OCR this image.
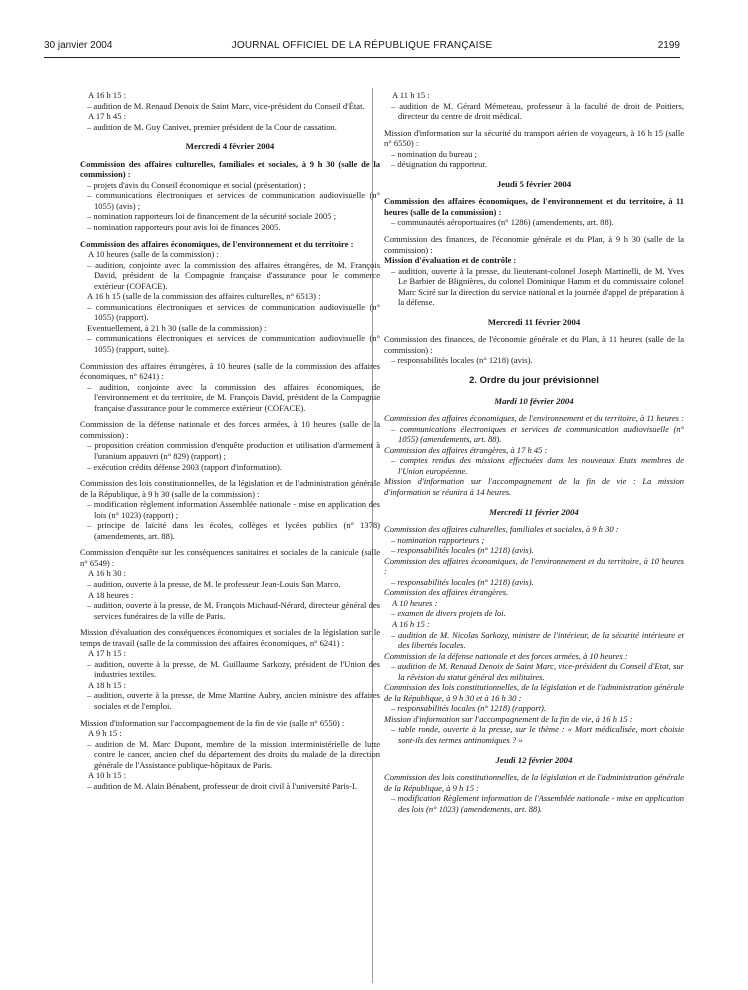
30 janvier 2004	JOURNAL OFFICIEL DE LA RÉPUBLIQUE FRANÇAISE	2199
A 16 h 15 :
– audition de M. Renaud Denoix de Saint Marc, vice-président du Conseil d'État.
A 17 h 45 :
– audition de M. Guy Canivet, premier président de la Cour de cassation.
Mercredi 4 février 2004
Commission des affaires culturelles, familiales et sociales, à 9 h 30 (salle de la commission) :
– projets d'avis du Conseil économique et social (présentation) ;
– communications électroniques et services de communication audiovisuelle (n° 1055) (avis) ;
– nomination rapporteurs loi de financement de la sécurité sociale 2005 ;
– nomination rapporteurs pour avis loi de finances 2005.
Commission des affaires économiques, de l'environnement et du territoire :
A 10 heures (salle de la commission) :
– audition, conjointe avec la commission des affaires étrangères, de M. François David, président de la Compagnie française d'assurance pour le commerce extérieur (COFACE).
A 16 h 15 (salle de la commission des affaires culturelles, n° 6513) :
– communications électroniques et services de communication audiovisuelle (n° 1055) (rapport).
Eventuellement, à 21 h 30 (salle de la commission) :
– communications électroniques et services de communication audiovisuelle (n° 1055) (rapport, suite).
Commission des affaires étrangères, à 10 heures (salle de la commission des affaires économiques, n° 6241) :
– audition, conjointe avec la commission des affaires économiques, de l'environnement et du territoire, de M. François David, président de la Compagnie française d'assurance pour le commerce extérieur (COFACE).
Commission de la défense nationale et des forces armées, à 10 heures (salle de la commission) :
– proposition création commission d'enquête production et utilisation d'armement à l'uranium appauvri (n° 829) (rapport) ;
– exécution crédits défense 2003 (rapport d'information).
Commission des lois constitutionnelles, de la législation et de l'administration générale de la République, à 9 h 30 (salle de la commission) :
– modification règlement information Assemblée nationale - mise en application des lois (n° 1023) (rapport) ;
– principe de laïcité dans les écoles, collèges et lycées publics (n° 1378) (amendements, art. 88).
Commission d'enquête sur les conséquences sanitaires et sociales de la canicule (salle n° 6549) :
A 16 h 30 :
– audition, ouverte à la presse, de M. le professeur Jean-Louis San Marco.
A 18 heures :
– audition, ouverte à la presse, de M. François Michaud-Nérard, directeur général des services funéraires de la ville de Paris.
Mission d'évaluation des conséquences économiques et sociales de la législation sur le temps de travail (salle de la commission des affaires économiques, n° 6241) :
A 17 h 15 :
– audition, ouverte à la presse, de M. Guillaume Sarkozy, président de l'Union des industries textiles.
A 18 h 15 :
– audition, ouverte à la presse, de Mme Martine Aubry, ancien ministre des affaires sociales et de l'emploi.
Mission d'information sur l'accompagnement de la fin de vie (salle n° 6550) :
A 9 h 15 :
– audition de M. Marc Dupont, membre de la mission interministérielle de lutte contre le cancer, ancien chef du département des droits du malade de la direction générale de l'Assistance publique-hôpitaux de Paris.
A 10 h 15 :
– audition de M. Alain Bénabent, professeur de droit civil à l'université Paris-I.
A 11 h 15 :
– audition de M. Gérard Mémeteau, professeur à la faculté de droit de Poitiers, directeur du centre de droit médical.
Mission d'information sur la sécurité du transport aérien de voyageurs, à 16 h 15 (salle n° 6550) :
– nomination du bureau ;
– désignation du rapporteur.
Jeudi 5 février 2004
Commission des affaires économiques, de l'environnement et du territoire, à 11 heures (salle de la commission) :
– communautés aéroportuaires (n° 1286) (amendements, art. 88).
Commission des finances, de l'économie générale et du Plan, à 9 h 30 (salle de la commission) :
Mission d'évaluation et de contrôle :
– audition, ouverte à la presse, du lieutenant-colonel Joseph Martinelli, de M. Yves Le Barbier de Blignières, du colonel Dominique Hamm et du commissaire colonel Marc Sciré sur la direction du service national et la journée d'appel de préparation à la défense.
Mercredi 11 février 2004
Commission des finances, de l'économie générale et du Plan, à 11 heures (salle de la commission) :
– responsabilités locales (n° 1218) (avis).
2. Ordre du jour prévisionnel
Mardi 10 février 2004
Commission des affaires économiques, de l'environnement et du territoire, à 11 heures :
– communications électroniques et services de communication audiovisuelle (n° 1055) (amendements, art. 88).
Commission des affaires étrangères, à 17 h 45 :
– comptes rendus des missions effectuées dans les nouveaux Etats membres de l'Union européenne.
Mission d'information sur l'accompagnement de la fin de vie : La mission d'information se réunira à 14 heures.
Mercredi 11 février 2004
Commission des affaires culturelles, familiales et sociales, à 9 h 30 :
– nomination rapporteurs ;
– responsabilités locales (n° 1218) (avis).
Commission des affaires économiques, de l'environnement et du territoire, à 10 heures :
– responsabilités locales (n° 1218) (avis).
Commission des affaires étrangères.
A 10 heures :
– examen de divers projets de loi.
A 16 h 15 :
– audition de M. Nicolas Sarkozy, ministre de l'intérieur, de la sécurité intérieure et des libertés locales.
Commission de la défense nationale et des forces armées, à 10 heures :
– audition de M. Renaud Denoix de Saint Marc, vice-président du Conseil d'Etat, sur la révision du statut général des militaires.
Commission des lois constitutionnelles, de la législation et de l'administration générale de la République, à 9 h 30 et à 16 h 30 :
– responsabilités locales (n° 1218) (rapport).
Mission d'information sur l'accompagnement de la fin de vie, à 16 h 15 :
– table ronde, ouverte à la presse, sur le thème : « Mort médicalisée, mort choisie sont-ils des termes antinomiques ? »
Jeudi 12 février 2004
Commission des lois constitutionnelles, de la législation et de l'administration générale de la République, à 9 h 15 :
– modification Règlement information de l'Assemblée nationale - mise en application des lois (n° 1023) (amendements, art. 88).
